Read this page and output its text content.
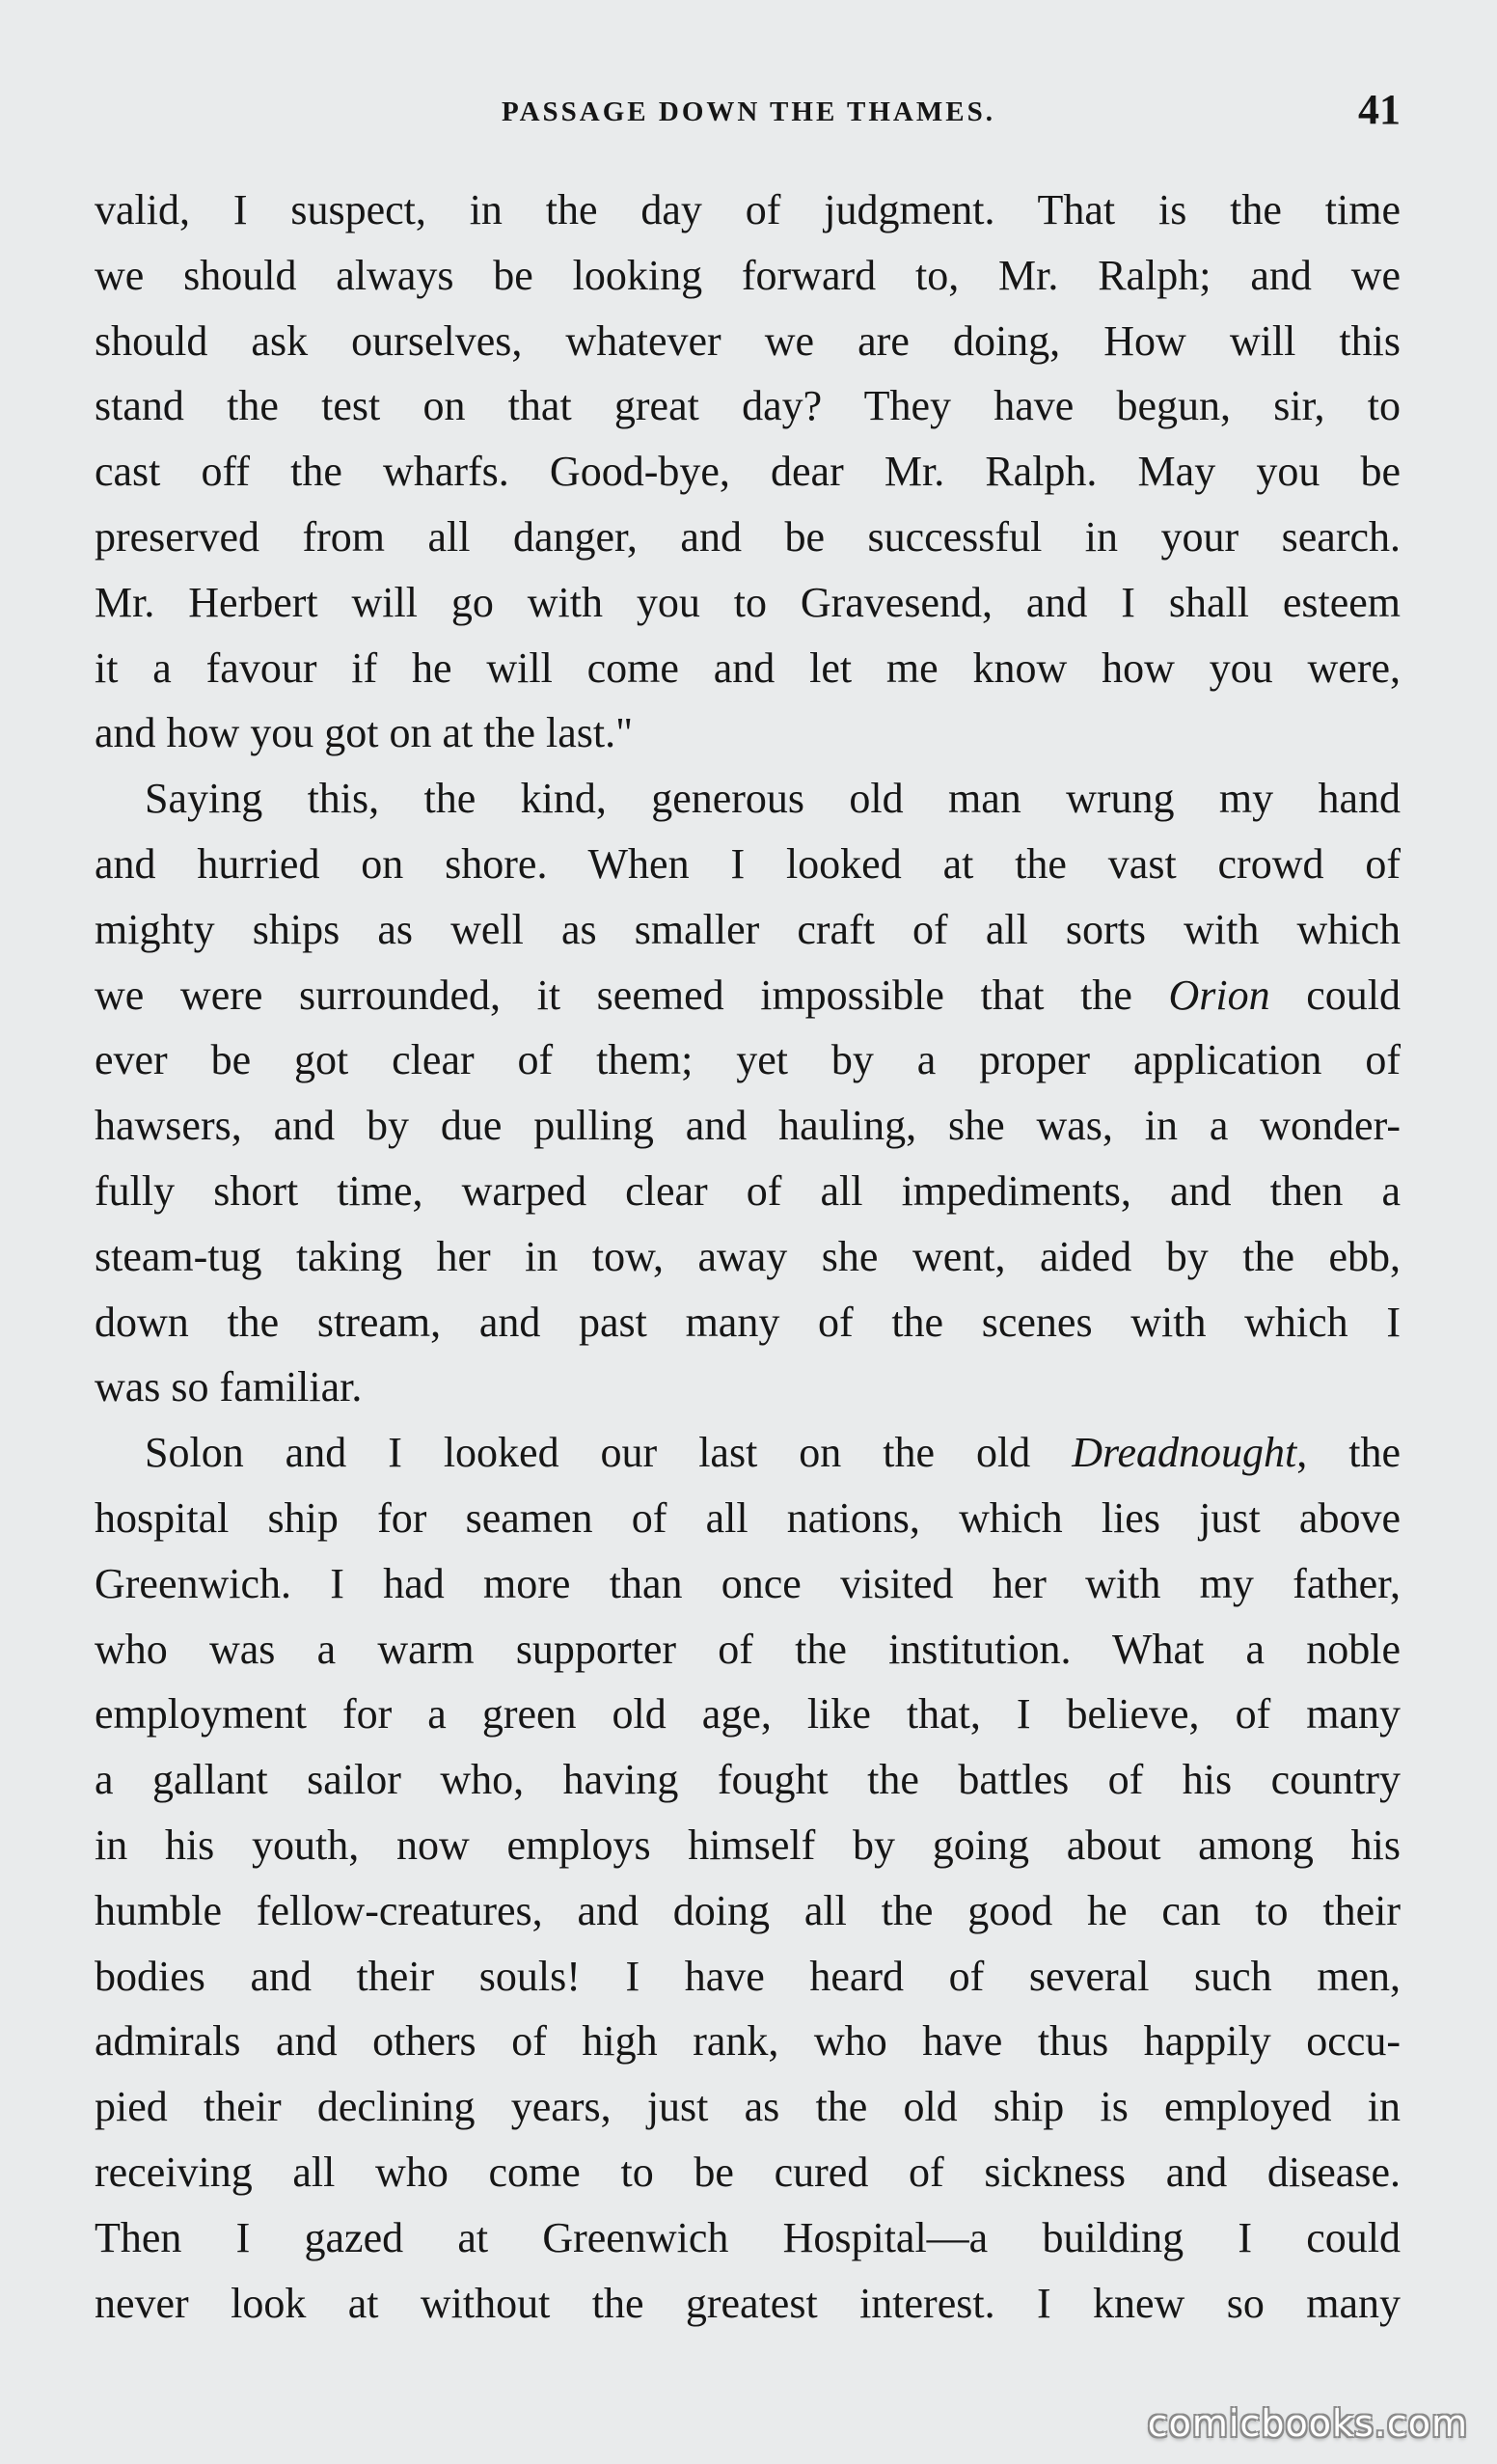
PASSAGE DOWN THE THAMES.	41
valid, I suspect, in the day of judgment. That is the time
we should always be looking forward to, Mr. Ralph; and we
should ask ourselves, whatever we are doing, How will this
stand the test on that great day? They have begun, sir, to
cast off the wharfs. Good-bye, dear Mr. Ralph. May you be
preserved from all danger, and be successful in your search.
Mr. Herbert will go with you to Gravesend, and I shall esteem
it a favour if he will come and let me know how you were,
and how you got on at the last."
Saying this, the kind, generous old man wrung my hand
and hurried on shore. When I looked at the vast crowd of
mighty ships as well as smaller craft of all sorts with which
we were surrounded, it seemed impossible that the Orion could
ever be got clear of them; yet by a proper application of
hawsers, and by due pulling and hauling, she was, in a wonder-
fully short time, warped clear of all impediments, and then a
steam-tug taking her in tow, away she went, aided by the ebb,
down the stream, and past many of the scenes with which I
was so familiar.
Solon and I looked our last on the old Dreadnought, the
hospital ship for seamen of all nations, which lies just above
Greenwich. I had more than once visited her with my father,
who was a warm supporter of the institution. What a noble
employment for a green old age, like that, I believe, of many
a gallant sailor who, having fought the battles of his country
in his youth, now employs himself by going about among his
humble fellow-creatures, and doing all the good he can to their
bodies and their souls! I have heard of several such men,
admirals and others of high rank, who have thus happily occu-
pied their declining years, just as the old ship is employed in
receiving all who come to be cured of sickness and disease.
Then I gazed at Greenwich Hospital—a building I could
never look at without the greatest interest. I knew so many
comicbooks.com
